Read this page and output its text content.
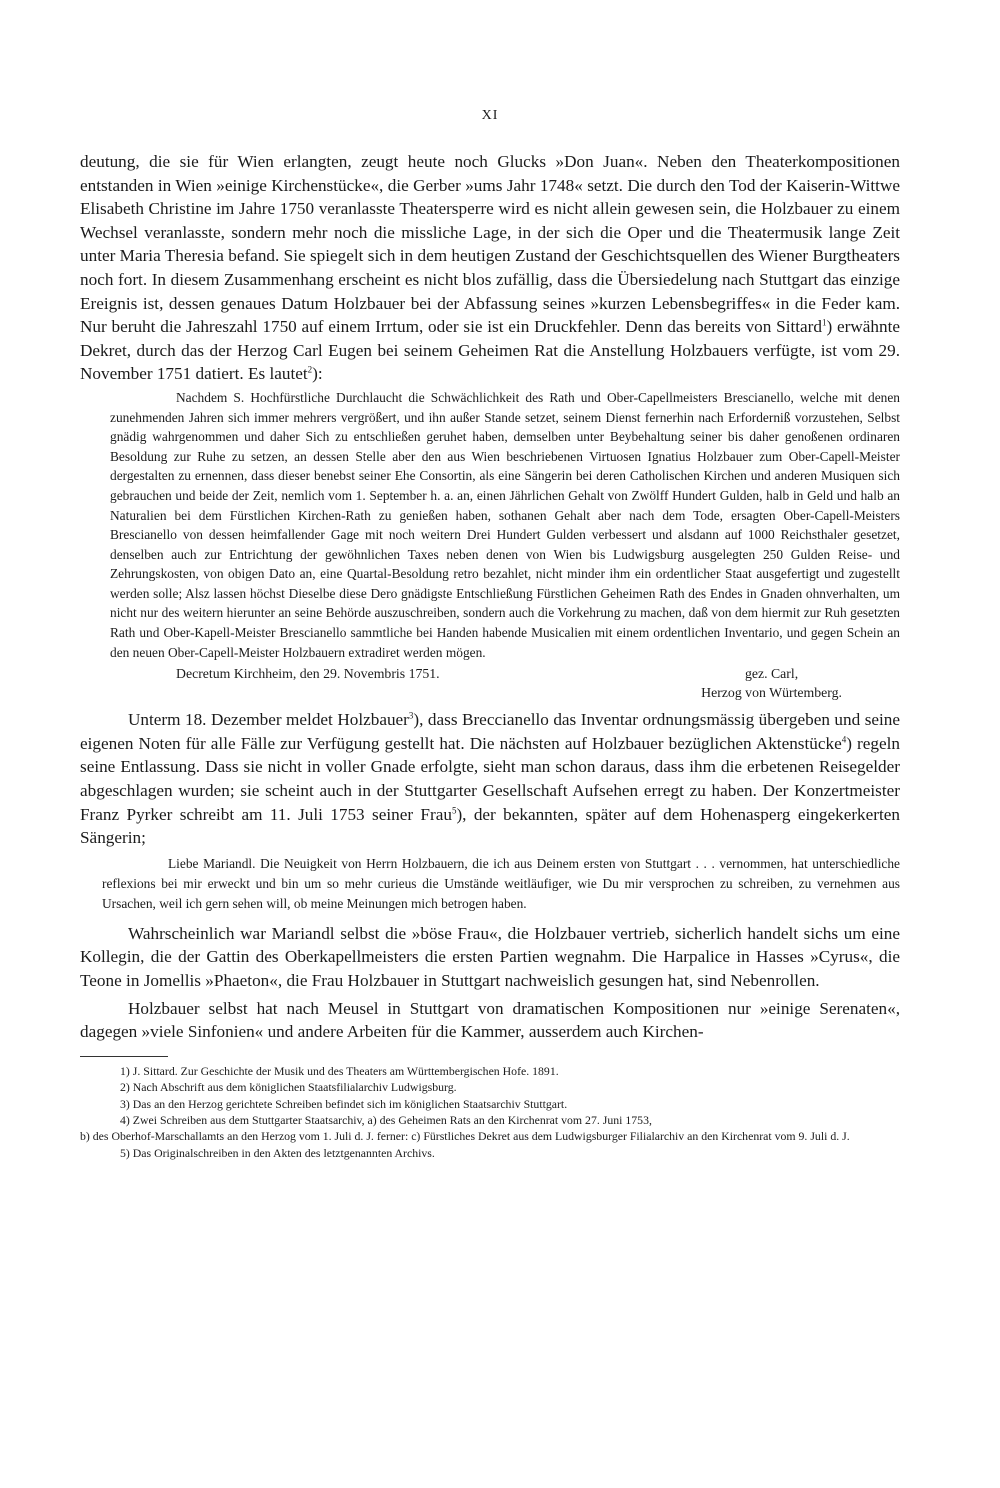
XI

deutung, die sie für Wien erlangten, zeugt heute noch Glucks »Don Juan«. Neben den Theaterkompositionen entstanden in Wien »einige Kirchenstücke«, die Gerber »ums Jahr 1748« setzt. Die durch den Tod der Kaiserin-Wittwe Elisabeth Christine im Jahre 1750 veranlasste Theatersperre wird es nicht allein gewesen sein, die Holzbauer zu einem Wechsel veranlasste, sondern mehr noch die missliche Lage, in der sich die Oper und die Theatermusik lange Zeit unter Maria Theresia befand. Sie spiegelt sich in dem heutigen Zustand der Geschichtsquellen des Wiener Burgtheaters noch fort. In diesem Zusammenhang erscheint es nicht blos zufällig, dass die Übersiedelung nach Stuttgart das einzige Ereignis ist, dessen genaues Datum Holzbauer bei der Abfassung seines »kurzen Lebensbegriffes« in die Feder kam. Nur beruht die Jahreszahl 1750 auf einem Irrtum, oder sie ist ein Druckfehler. Denn das bereits von Sittard$^1$) erwähnte Dekret, durch das der Herzog Carl Eugen bei seinem Geheimen Rat die Anstellung Holzbauers verfügte, ist vom 29. November 1751 datiert. Es lautet$^2$):

Nachdem S. Hochfürstliche Durchlaucht die Schwächlichkeit des Rath und Ober-Capellmeisters Brescianello, welche mit denen zunehmenden Jahren sich immer mehrers vergrößert, und ihn außer Stande setzet, seinem Dienst fernerhin nach Erforderniß vorzustehen, Selbst gnädig wahrgenommen und daher Sich zu entschließen geruhet haben, demselben unter Beybehaltung seiner bis daher genoßenen ordinaren Besoldung zur Ruhe zu setzen, an dessen Stelle aber den aus Wien beschriebenen Virtuosen Ignatius Holzbauer zum Ober-Capell-Meister dergestalten zu ernennen, dass dieser benebst seiner Ehe Consortin, als eine Sängerin bei deren Catholischen Kirchen und anderen Musiquen sich gebrauchen und beide der Zeit, nemlich vom 1. September h. a. an, einen Jährlichen Gehalt von Zwölff Hundert Gulden, halb in Geld und halb an Naturalien bei dem Fürstlichen Kirchen-Rath zu genießen haben, sothanen Gehalt aber nach dem Tode, ersagten Ober-Capell-Meisters Brescianello von dessen heimfallender Gage mit noch weitern Drei Hundert Gulden verbessert und alsdann auf 1000 Reichsthaler gesetzet, denselben auch zur Entrichtung der gewöhnlichen Taxes neben denen von Wien bis Ludwigsburg ausgelegten 250 Gulden Reise- und Zehrungskosten, von obigen Dato an, eine Quartal-Besoldung retro bezahlet, nicht minder ihm ein ordentlicher Staat ausgefertigt und zugestellt werden solle; Alsz lassen höchst Dieselbe diese Dero gnädigste Entschließung Fürstlichen Geheimen Rath des Endes in Gnaden ohnverhalten, um nicht nur des weitern hierunter an seine Behörde auszuschreiben, sondern auch die Vorkehrung zu machen, daß von dem hiermit zur Ruh gesetzten Rath und Ober-Kapell-Meister Brescianello sammtliche bei Handen habende Musicalien mit einem ordentlichen Inventario, und gegen Schein an den neuen Ober-Capell-Meister Holzbauern extradiret werden mögen.

Decretum Kirchheim, den 29. Novembris 1751.	gez. Carl,
Herzog von Würtemberg.

Unterm 18. Dezember meldet Holzbauer$^3$), dass Breccianello das Inventar ordnungsmässig übergeben und seine eigenen Noten für alle Fälle zur Verfügung gestellt hat. Die nächsten auf Holzbauer bezüglichen Aktenstücke$^4$) regeln seine Entlassung. Dass sie nicht in voller Gnade erfolgte, sieht man schon daraus, dass ihm die erbetenen Reisegelder abgeschlagen wurden; sie scheint auch in der Stuttgarter Gesellschaft Aufsehen erregt zu haben. Der Konzertmeister Franz Pyrker schreibt am 11. Juli 1753 seiner Frau$^5$), der bekannten, später auf dem Hohenasperg eingekerkerten Sängerin;

Liebe Mariandl. Die Neuigkeit von Herrn Holzbauern, die ich aus Deinem ersten von Stuttgart . . . vernommen, hat unterschiedliche reflexions bei mir erweckt und bin um so mehr curieus die Umstände weitläufiger, wie Du mir versprochen zu schreiben, zu vernehmen aus Ursachen, weil ich gern sehen will, ob meine Meinungen mich betrogen haben.

Wahrscheinlich war Mariandl selbst die »böse Frau«, die Holzbauer vertrieb, sicherlich handelt sichs um eine Kollegin, die der Gattin des Oberkapellmeisters die ersten Partien wegnahm. Die Harpalice in Hasses »Cyrus«, die Teone in Jomellis »Phaeton«, die Frau Holzbauer in Stuttgart nachweislich gesungen hat, sind Nebenrollen.

Holzbauer selbst hat nach Meusel in Stuttgart von dramatischen Kompositionen nur »einige Serenaten«, dagegen »viele Sinfonien« und andere Arbeiten für die Kammer, ausserdem auch Kirchen-

1) J. Sittard. Zur Geschichte der Musik und des Theaters am Württembergischen Hofe. 1891.
2) Nach Abschrift aus dem königlichen Staatsfilialarchiv Ludwigsburg.
3) Das an den Herzog gerichtete Schreiben befindet sich im königlichen Staatsarchiv Stuttgart.
4) Zwei Schreiben aus dem Stuttgarter Staatsarchiv, a) des Geheimen Rats an den Kirchenrat vom 27. Juni 1753,
b) des Oberhof-Marschallamts an den Herzog vom 1. Juli d. J. ferner: c) Fürstliches Dekret aus dem Ludwigsburger Filialarchiv an den Kirchenrat vom 9. Juli d. J.
5) Das Originalschreiben in den Akten des letztgenannten Archivs.
